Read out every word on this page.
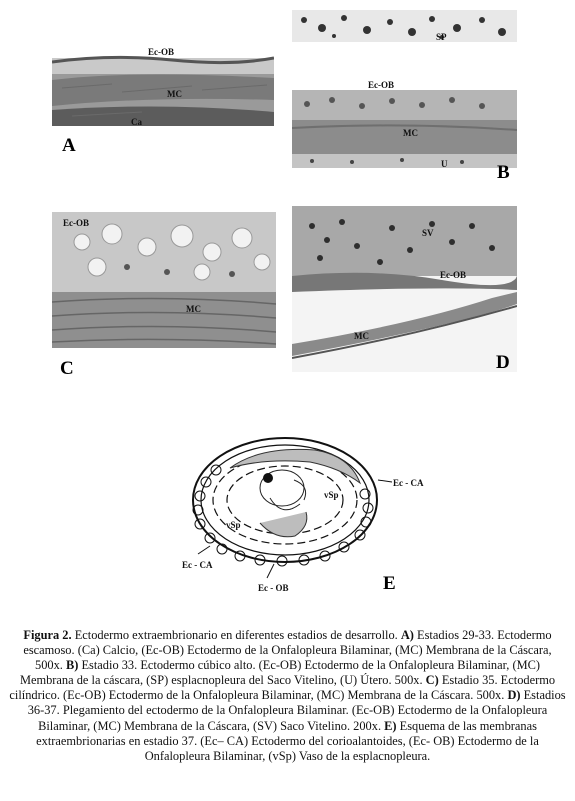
Ec-OB
MC
Ca
A
SP
Ec-OB
MC
U	B
Ec-OB
MC
C
SV
Ec-OB
MC
D
Ec - CA
vSp
vSp
Ec - CA
Ec - OB	E
Figura 2. Ectodermo extraembrionario en diferentes estadios de desarrollo. A) Estadios 29-33. Ectodermo escamoso. (Ca) Calcio, (Ec-OB) Ectodermo de la Onfalopleura Bilaminar, (MC) Membrana de la Cáscara, 500x. B) Estadio 33. Ectodermo cúbico alto. (Ec-OB) Ectodermo de la Onfalopleura Bilaminar, (MC) Membrana de la cáscara, (SP) esplacnopleura del Saco Vitelino, (U) Útero. 500x. C) Estadio 35. Ectodermo cilíndrico. (Ec-OB) Ectodermo de la Onfalopleura Bilaminar, (MC) Membrana de la Cáscara. 500x. D) Estadios 36-37. Plegamiento del ectodermo de la Onfalopleura Bilaminar. (Ec-OB) Ectodermo de la Onfalopleura Bilaminar, (MC) Membrana de la Cáscara, (SV) Saco Vitelino. 200x. E) Esquema de las membranas extraembrionarias en estadio 37. (Ec– CA) Ectodermo del corioalantoides, (Ec- OB) Ectodermo de la Onfalopleura Bilaminar, (vSp) Vaso de la esplacnopleura.
